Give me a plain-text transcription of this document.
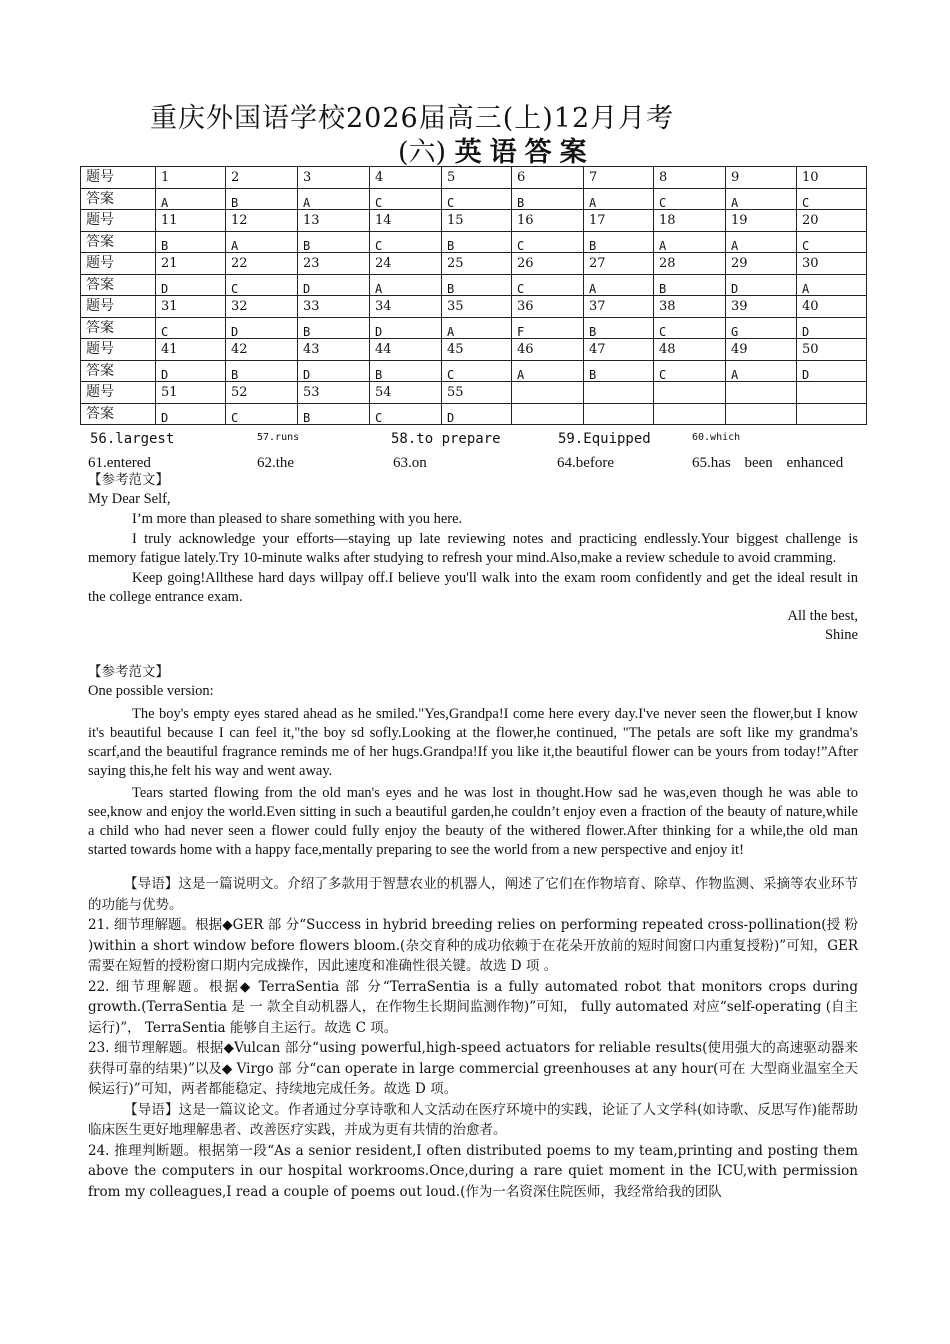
重庆外国语学校2026届高三(上)12月月考
(六) 英语答案
题号	1	2	3	4	5	6	7	8	9	10
答案	A	B	A	C	C	B	A	C	A	C
题号	11	12	13	14	15	16	17	18	19	20
答案	B	A	B	C	B	C	B	A	A	C
题号	21	22	23	24	25	26	27	28	29	30
答案	D	C	D	A	B	C	A	B	D	A
题号	31	32	33	34	35	36	37	38	39	40
答案	C	D	B	D	A	F	B	C	G	D
题号	41	42	43	44	45	46	47	48	49	50
答案	D	B	D	B	C	A	B	C	A	D
题号	51	52	53	54	55					
答案	D	C	B	C	D					
56.largest	57.runs	58.to prepare	59.Equipped	60.which
61.entered	62.the	63.on	64.before	65.has been enhanced

【参考范文】

My Dear Self,

I’m more than pleased to share something with you here.

I truly acknowledge your efforts—staying up late reviewing notes and practicing endlessly.Your biggest challenge is memory fatigue lately.Try 10-minute walks after studying to refresh your mind.Also,make a review schedule to avoid cramming.

Keep going!Allthese hard days willpay off.I believe you'll walk into the exam room confidently and get the ideal result in the college entrance exam.

All the best,

Shine

【参考范文】

One possible version:

The boy's empty eyes stared ahead as he smiled."Yes,Grandpa!I come here every day.I've never seen the flower,but I know it's beautiful because I can feel it,"the boy sd sofly.Looking at the flower,he continued, "The petals are soft like my grandma's scarf,and the beautiful fragrance reminds me of her hugs.Grandpa!If you like it,the beautiful flower can be yours from today!”After saying this,he felt his way and went away.

Tears started flowing from the old man's eyes and he was lost in thought.How sad he was,even though he was able to see,know and enjoy the world.Even sitting in such a beautiful garden,he couldn’t enjoy even a fraction of the beauty of nature,while a child who had never seen a flower could fully enjoy the beauty of the withered flower.After thinking for a while,the old man started towards home with a happy face,mentally preparing to see the world from a new perspective and enjoy it!

【导语】这是一篇说明文。介绍了多款用于智慧农业的机器人，阐述了它们在作物培育、除草、作物监测、采摘等农业环节的功能与优势。

21. 细节理解题。根据◆GER 部 分“Success in hybrid breeding relies on performing repeated cross-pollination(授 粉 )within a short window before flowers bloom.(杂交育种的成功依赖于在花朵开放前的短时间窗口内重复授粉)”可知，GER 需要在短暂的授粉窗口期内完成操作，因此速度和准确性很关键。故选 D 项 。

22. 细节理解题。根据◆ TerraSentia 部 分“TerraSentia is a fully automated robot that monitors crops during growth.(TerraSentia 是 一 款全自动机器人，在作物生长期间监测作物)”可知， fully automated 对应“self-operating (自主运行)”， TerraSentia 能够自主运行。故选 C 项。

23. 细节理解题。根据◆Vulcan 部分“using powerful,high-speed actuators for reliable results(使用强大的高速驱动器来获得可靠的结果)”以及◆ Virgo 部 分“can operate in large commercial greenhouses at any hour(可在 大型商业温室全天候运行)”可知，两者都能稳定、持续地完成任务。故选 D 项。

【导语】这是一篇议论文。作者通过分享诗歌和人文活动在医疗环境中的实践，论证了人文学科(如诗歌、反思写作)能帮助临床医生更好地理解患者、改善医疗实践，并成为更有共情的治愈者。

24. 推理判断题。根据第一段“As a senior resident,I often distributed poems to my team,printing and posting them above the computers in our hospital workrooms.Once,during a rare quiet moment in the ICU,with permission from my colleagues,I read a couple of poems out loud.(作为一名资深住院医师，我经常给我的团队
